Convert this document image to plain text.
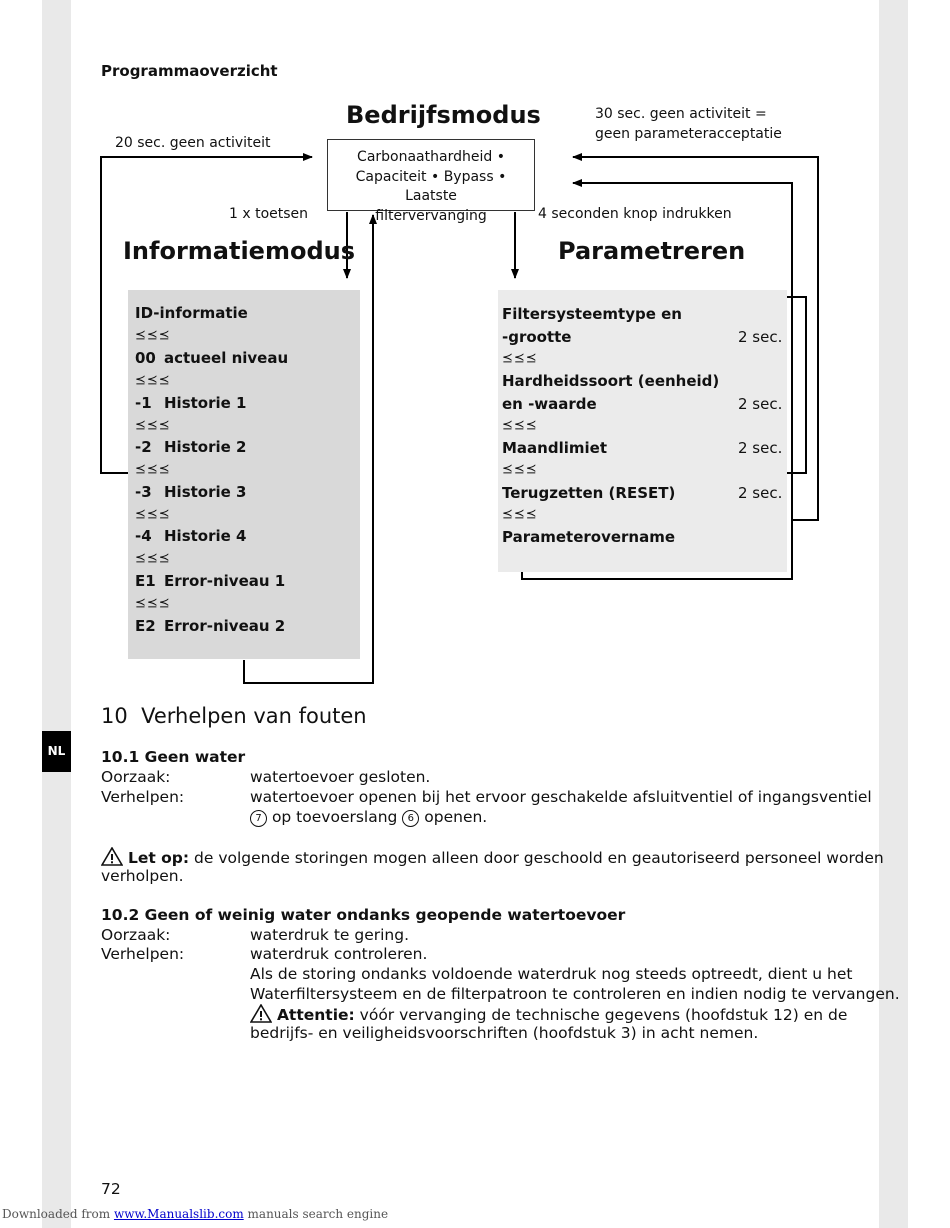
Programmaoverzicht
Bedrijfsmodus
Carbonaathardheid •
Capaciteit • Bypass • Laatste
filtervervanging
20 sec. geen activiteit
30 sec. geen activiteit =
geen parameteracceptatie
1 x toetsen	4 seconden knop indrukken
Informatiemodus	Parametreren
ID-informatie
⪯⪯⪯
00 actueel niveau
⪯⪯⪯
-1 Historie 1
⪯⪯⪯
-2 Historie 2
⪯⪯⪯
-3 Historie 3
⪯⪯⪯
-4 Historie 4
⪯⪯⪯
E1 Error-niveau 1
⪯⪯⪯
E2 Error-niveau 2
Filtersysteemtype en
-grootte	2 sec.
⪯⪯⪯
Hardheidssoort (eenheid)
en -waarde	2 sec.
⪯⪯⪯
Maandlimiet	2 sec.
⪯⪯⪯
Terugzetten (RESET)	2 sec.
⪯⪯⪯
Parameterovername
10 Verhelpen van fouten
10.1 Geen water
Oorzaak:	watertoevoer gesloten.
Verhelpen:	watertoevoer openen bij het ervoor geschakelde afsluitventiel of ingangsventiel
7 op toevoerslang 6 openen.
Let op: de volgende storingen mogen alleen door geschoold en geautoriseerd personeel worden
verholpen.
10.2 Geen of weinig water ondanks geopende watertoevoer
Oorzaak:	waterdruk te gering.
Verhelpen:	waterdruk controleren.
Als de storing ondanks voldoende waterdruk nog steeds optreedt, dient u het
Waterfiltersysteem en de filterpatroon te controleren en indien nodig te vervangen.
Attentie: vóór vervanging de technische gegevens (hoofdstuk 12) en de
bedrijfs- en veiligheidsvoorschriften (hoofdstuk 3) in acht nemen.
NL
72
Downloaded from www.Manualslib.com manuals search engine
